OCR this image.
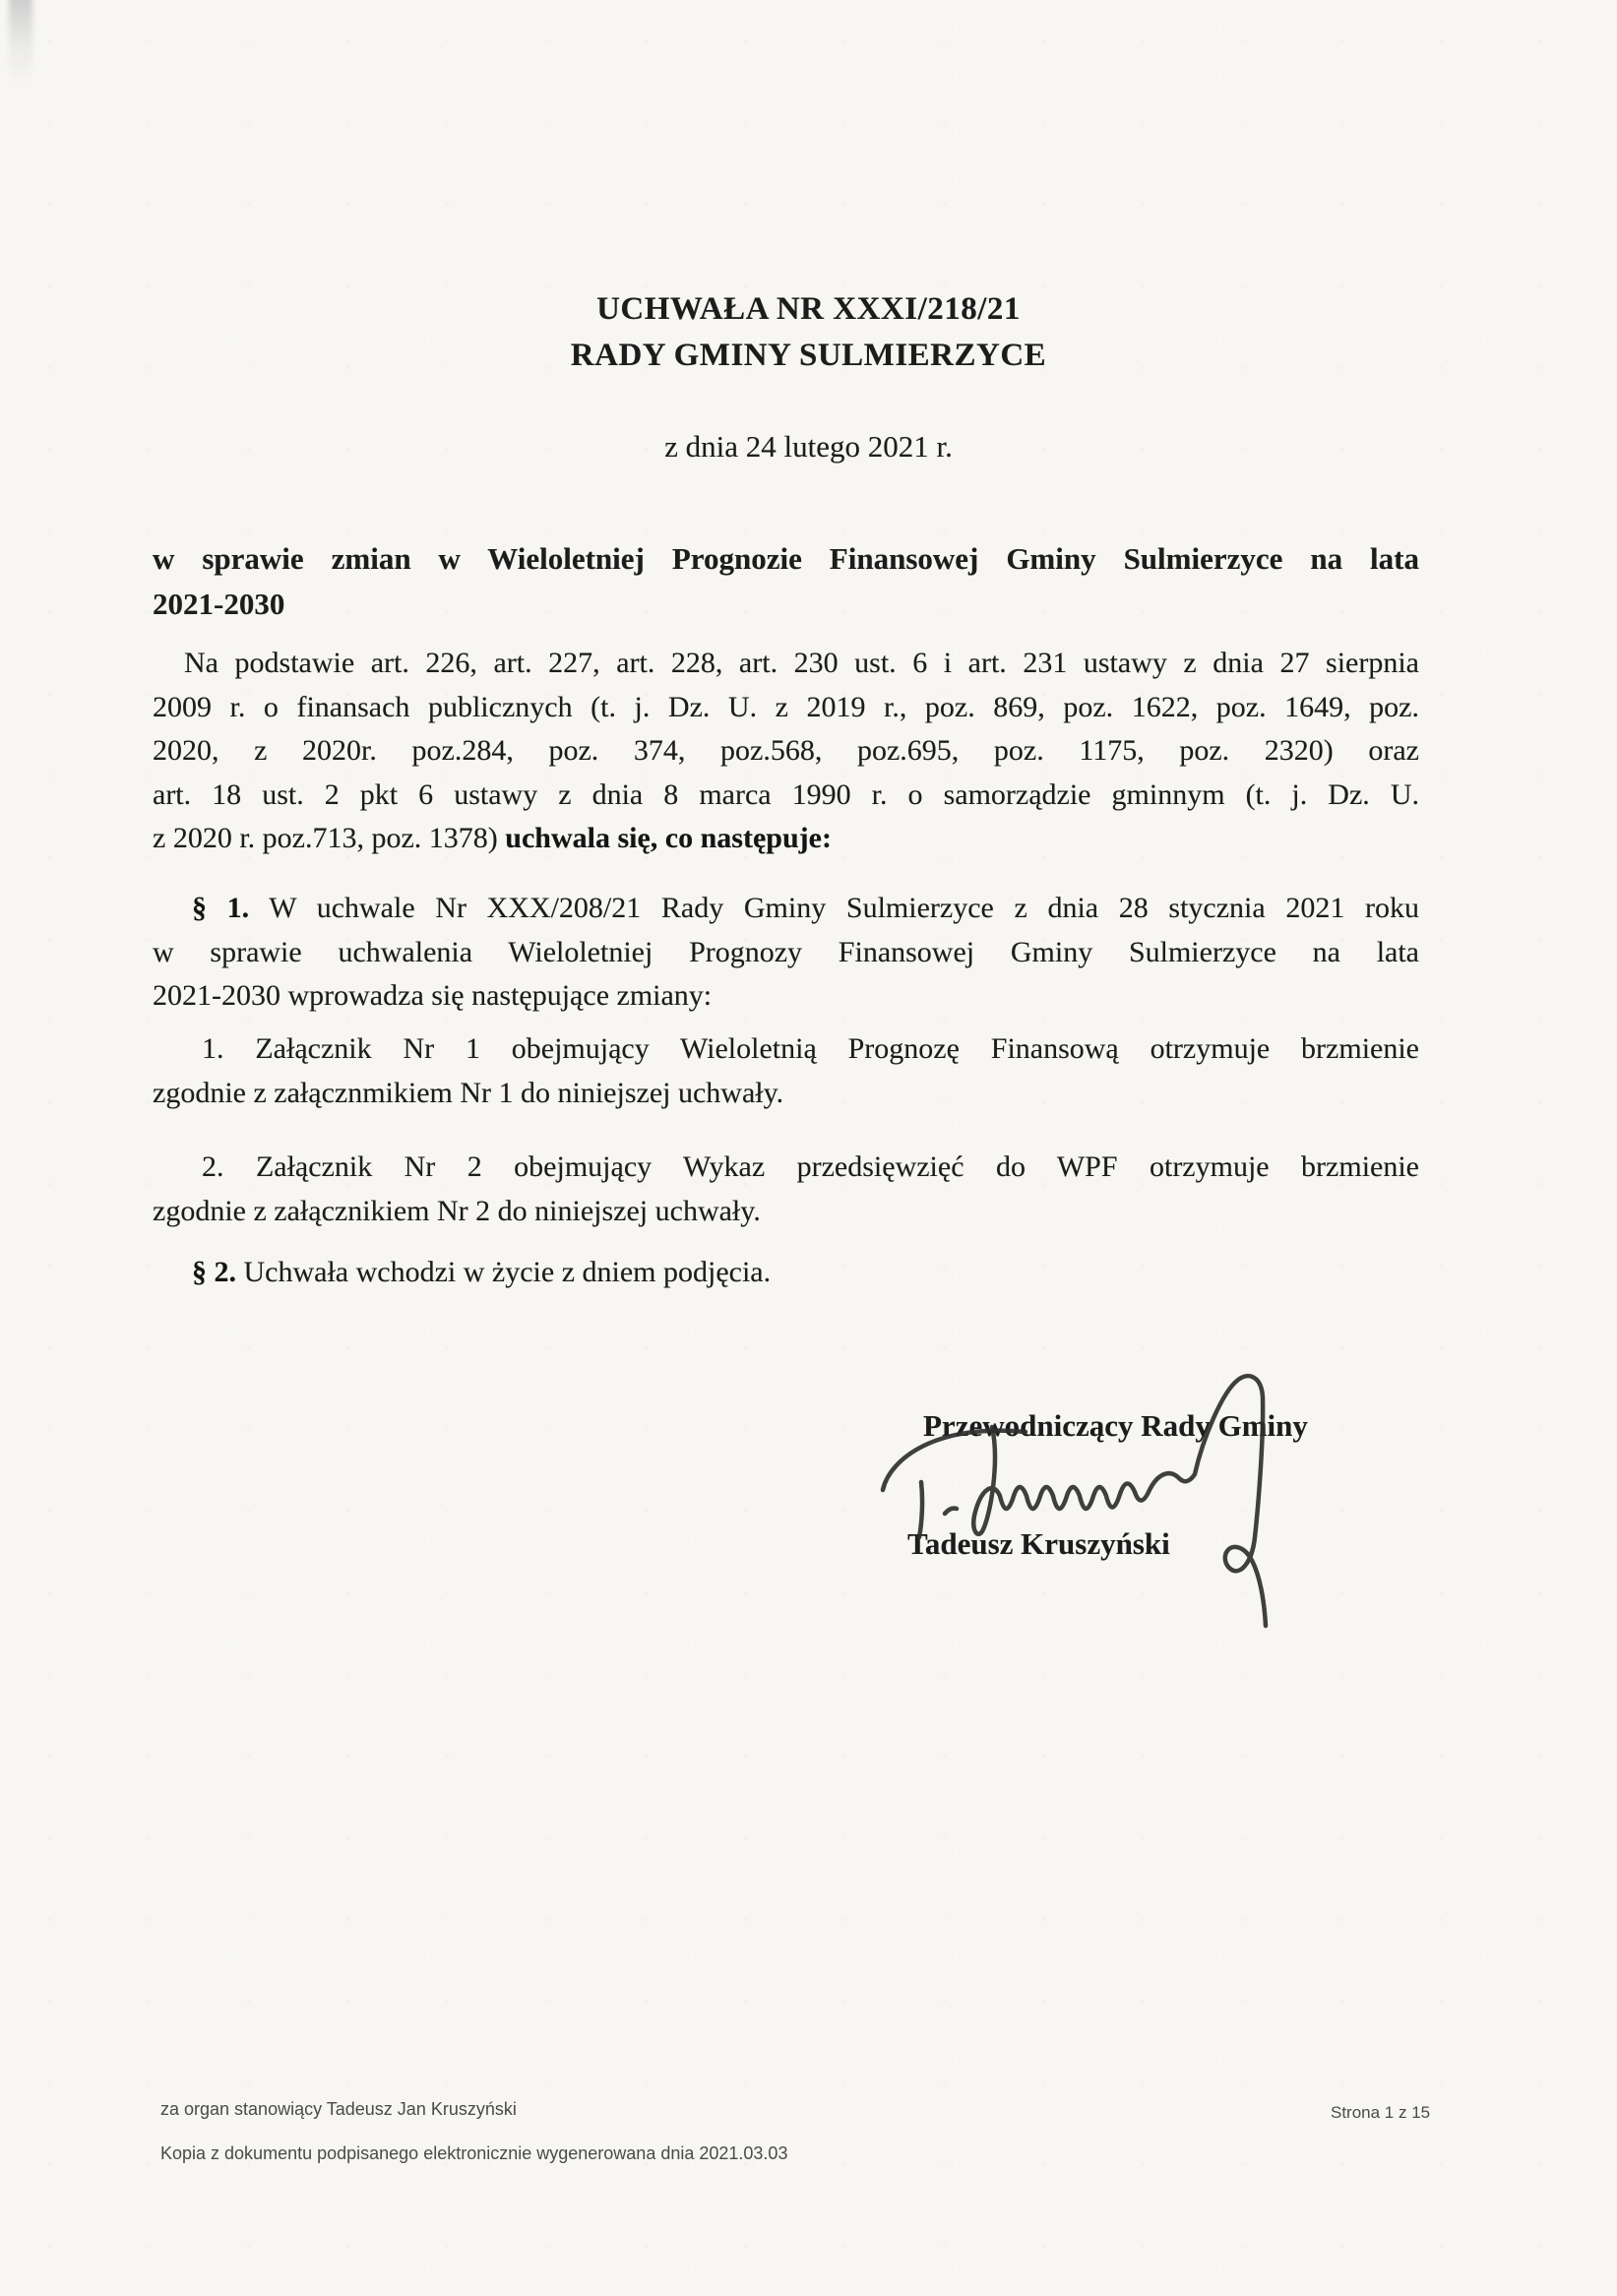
UCHWAŁA NR XXXI/218/21
RADY GMINY SULMIERZYCE
z dnia 24 lutego 2021 r.
w sprawie zmian w Wieloletniej Prognozie Finansowej Gminy Sulmierzyce na lata
2021-2030
Na podstawie art. 226, art. 227, art. 228, art. 230 ust. 6 i art. 231 ustawy z dnia 27 sierpnia
2009 r. o finansach publicznych (t. j. Dz. U. z 2019 r., poz. 869, poz. 1622, poz. 1649, poz.
2020, z 2020r. poz.284, poz. 374, poz.568, poz.695, poz. 1175, poz. 2320) oraz
art. 18 ust. 2 pkt 6 ustawy z dnia 8 marca 1990 r. o samorządzie gminnym (t. j. Dz. U.
z 2020 r. poz.713, poz. 1378) uchwala się, co następuje:
§ 1. W uchwale Nr XXX/208/21 Rady Gminy Sulmierzyce z dnia 28 stycznia 2021 roku
w sprawie uchwalenia Wieloletniej Prognozy Finansowej Gminy Sulmierzyce na lata
2021-2030 wprowadza się następujące zmiany:
1. Załącznik Nr 1 obejmujący Wieloletnią Prognozę Finansową otrzymuje brzmienie
zgodnie z załącznmikiem Nr 1 do niniejszej uchwały.
2. Załącznik Nr 2 obejmujący Wykaz przedsięwzięć do WPF otrzymuje brzmienie
zgodnie z załącznikiem Nr 2 do niniejszej uchwały.
§ 2. Uchwała wchodzi w życie z dniem podjęcia.
Przewodniczący Rady Gminy
Tadeusz Kruszyński
za organ stanowiący Tadeusz Jan Kruszyński
Kopia z dokumentu podpisanego elektronicznie wygenerowana dnia 2021.03.03
Strona 1 z 15
